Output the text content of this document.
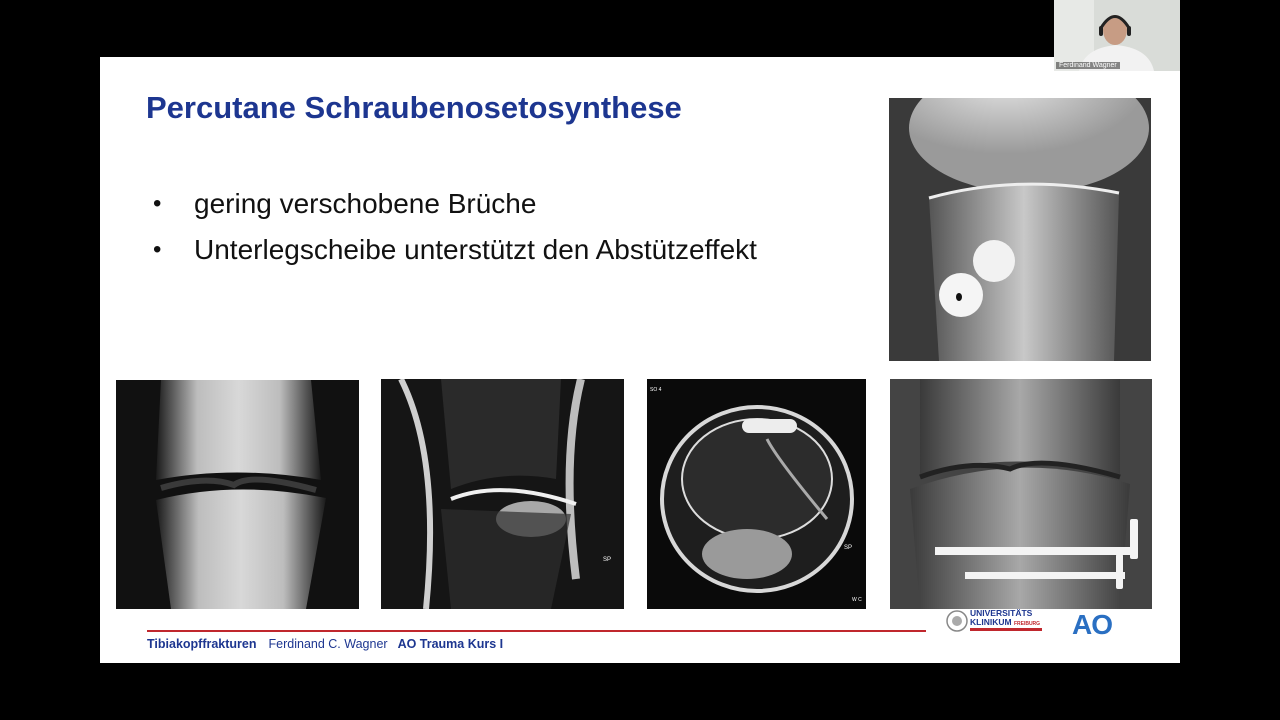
Percutane Schraubenosetosynthese
• gering verschobene Brüche
• Unterlegscheibe unterstützt den Abstützeffekt
SP
SO 4
SP
W C
Tibiakopffrakturen Ferdinand C. Wagner AO Trauma Kurs I
UNIVERSITÄTS
KLINIKUM FREIBURG AO
Ferdinand Wagner
